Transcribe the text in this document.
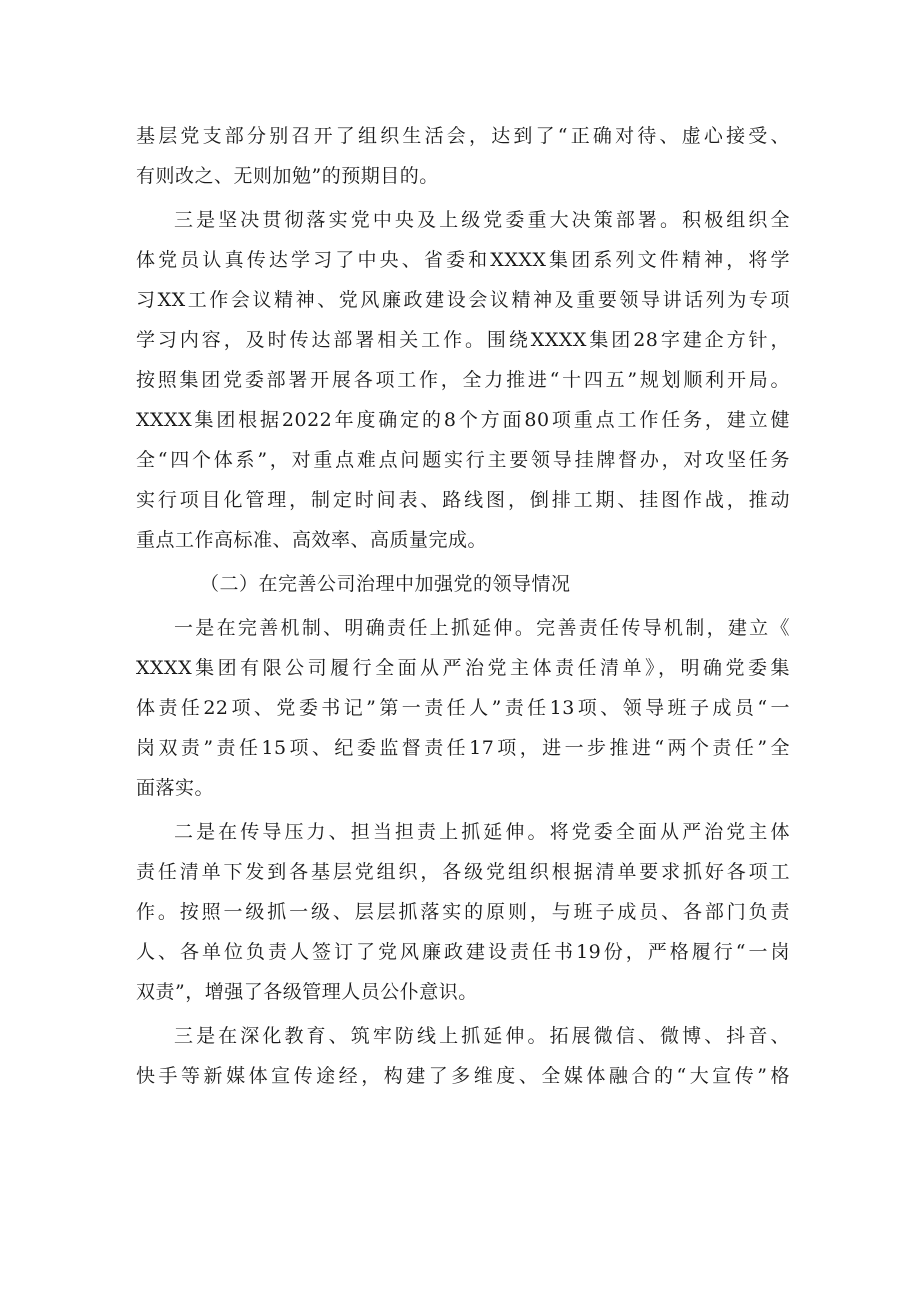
基层党支部分别召开了组织生活会，达到了“正确对待、虚心接受、
有则改之、无则加勉”的预期目的。
三是坚决贯彻落实党中央及上级党委重大决策部署。积极组织全
体党员认真传达学习了中央、省委和XXXX集团系列文件精神，将学
习XX工作会议精神、党风廉政建设会议精神及重要领导讲话列为专项
学习内容，及时传达部署相关工作。围绕XXXX集团28字建企方针，
按照集团党委部署开展各项工作，全力推进“十四五”规划顺利开局。
XXXX集团根据2022年度确定的8个方面80项重点工作任务，建立健
全“四个体系”，对重点难点问题实行主要领导挂牌督办，对攻坚任务
实行项目化管理，制定时间表、路线图，倒排工期、挂图作战，推动
重点工作高标准、高效率、高质量完成。
（二）在完善公司治理中加强党的领导情况
一是在完善机制、明确责任上抓延伸。完善责任传导机制，建立《
XXXX集团有限公司履行全面从严治党主体责任清单》，明确党委集
体责任22项、党委书记”第一责任人”责任13项、领导班子成员“一
岗双责”责任15项、纪委监督责任17项，进一步推进“两个责任”全
面落实。
二是在传导压力、担当担责上抓延伸。将党委全面从严治党主体
责任清单下发到各基层党组织，各级党组织根据清单要求抓好各项工
作。按照一级抓一级、层层抓落实的原则，与班子成员、各部门负责
人、各单位负责人签订了党风廉政建设责任书19份，严格履行“一岗
双责”，增强了各级管理人员公仆意识。
三是在深化教育、筑牢防线上抓延伸。拓展微信、微博、抖音、
快手等新媒体宣传途经，构建了多维度、全媒体融合的“大宣传”格
